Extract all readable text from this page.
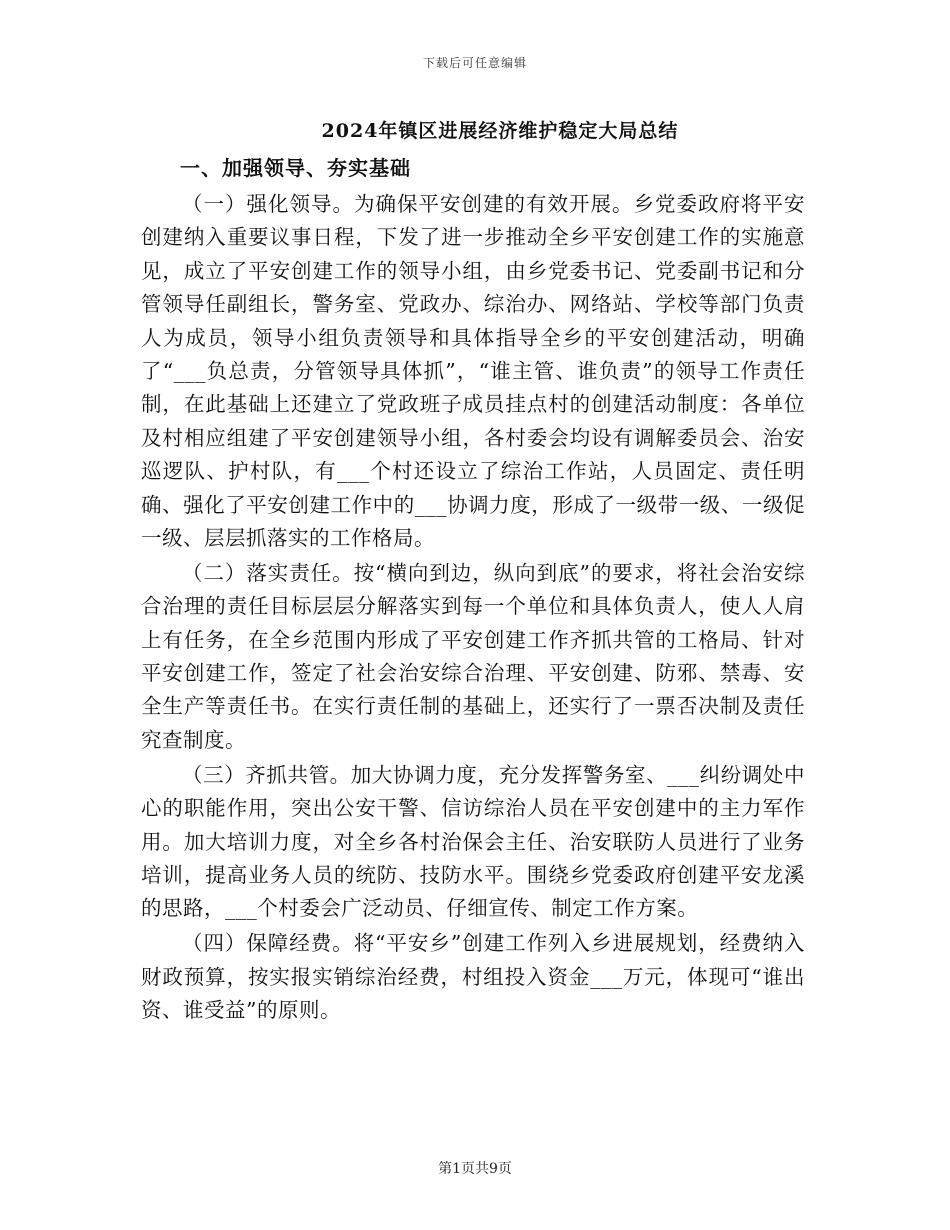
下载后可任意编辑
2024年镇区进展经济维护稳定大局总结
一、加强领导、夯实基础

（一）强化领导。为确保平安创建的有效开展。乡党委政府将平安创建纳入重要议事日程，下发了进一步推动全乡平安创建工作的实施意见，成立了平安创建工作的领导小组，由乡党委书记、党委副书记和分管领导任副组长，警务室、党政办、综治办、网络站、学校等部门负责人为成员，领导小组负责领导和具体指导全乡的平安创建活动，明确了“___负总责，分管领导具体抓”，“谁主管、谁负责”的领导工作责任制，在此基础上还建立了党政班子成员挂点村的创建活动制度：各单位及村相应组建了平安创建领导小组，各村委会均设有调解委员会、治安巡逻队、护村队，有___个村还设立了综治工作站，人员固定、责任明确、强化了平安创建工作中的___协调力度，形成了一级带一级、一级促一级、层层抓落实的工作格局。

（二）落实责任。按“横向到边，纵向到底”的要求，将社会治安综合治理的责任目标层层分解落实到每一个单位和具体负责人，使人人肩上有任务，在全乡范围内形成了平安创建工作齐抓共管的工格局、针对平安创建工作，签定了社会治安综合治理、平安创建、防邪、禁毒、安全生产等责任书。在实行责任制的基础上，还实行了一票否决制及责任究查制度。

（三）齐抓共管。加大协调力度，充分发挥警务室、___纠纷调处中心的职能作用，突出公安干警、信访综治人员在平安创建中的主力军作用。加大培训力度，对全乡各村治保会主任、治安联防人员进行了业务培训，提高业务人员的统防、技防水平。围绕乡党委政府创建平安龙溪的思路，___个村委会广泛动员、仔细宣传、制定工作方案。

（四）保障经费。将“平安乡”创建工作列入乡进展规划，经费纳入财政预算，按实报实销综治经费，村组投入资金___万元，体现可“谁出资、谁受益”的原则。

第1页共9页
